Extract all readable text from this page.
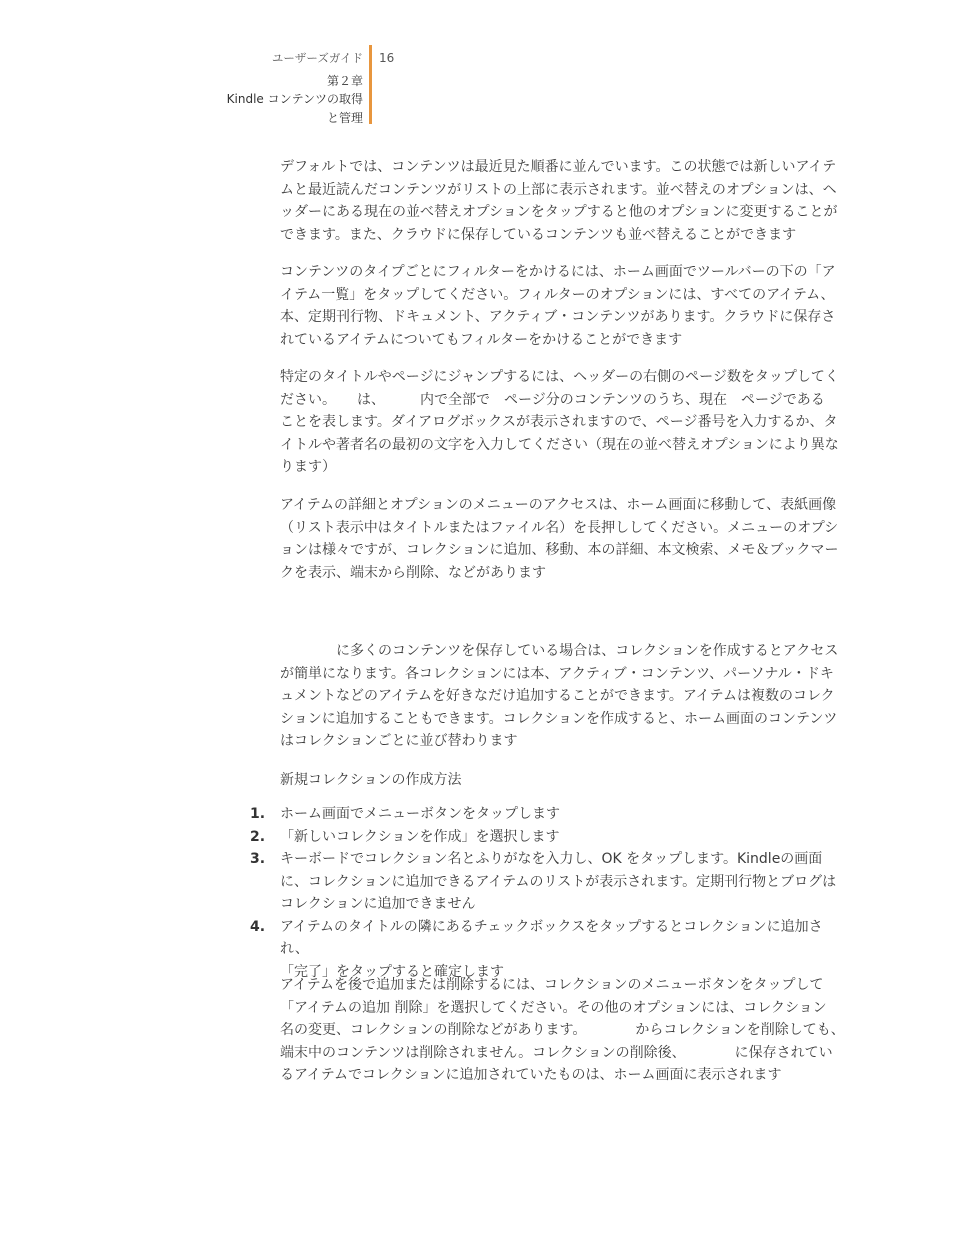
ユーザーズガイド
第２章
Kindle コンテンツの取得
と管理
16

デフォルトでは、コンテンツは最近見た順番に並んでいます。この状態では新しいアイテ
ムと最近読んだコンテンツがリストの上部に表示されます。並べ替えのオプションは、ヘ
ッダーにある現在の並べ替えオプションをタップすると他のオプションに変更することが
できます。また、クラウドに保存しているコンテンツも並べ替えることができます

コンテンツのタイプごとにフィルターをかけるには、ホーム画面でツールバーの下の「ア
イテム一覧」をタップしてください。フィルターのオプションには、すべてのアイテム、
本、定期刊行物、ドキュメント、アクティブ・コンテンツがあります。クラウドに保存さ
れているアイテムについてもフィルターをかけることができます

特定のタイトルやページにジャンプするには、ヘッダーの右側のページ数をタップしてく
ださい。　　は、　　　内で全部で　ページ分のコンテンツのうち、現在　ページである
ことを表します。ダイアログボックスが表示されますので、ページ番号を入力するか、タ
イトルや著者名の最初の文字を入力してください（現在の並べ替えオプションにより異な
ります）

アイテムの詳細とオプションのメニューのアクセスは、ホーム画面に移動して、表紙画像
（リスト表示中はタイトルまたはファイル名）を長押ししてください。メニューのオプシ
ョンは様々ですが、コレクションに追加、移動、本の詳細、本文検索、メモ＆ブックマー
クを表示、端末から削除、などがあります

　　　　に多くのコンテンツを保存している場合は、コレクションを作成するとアクセス
が簡単になります。各コレクションには本、アクティブ・コンテンツ、パーソナル・ドキ
ュメントなどのアイテムを好きなだけ追加することができます。アイテムは複数のコレク
ションに追加することもできます。コレクションを作成すると、ホーム画面のコンテンツ
はコレクションごとに並び替わります

新規コレクションの作成方法

1.	ホーム画面でメニューボタンをタップします
2.	「新しいコレクションを作成」を選択します
3.	キーボードでコレクション名とふりがなを入力し、OK をタップします。Kindleの画面
に、コレクションに追加できるアイテムのリストが表示されます。定期刊行物とブログは
コレクションに追加できません
4.	アイテムのタイトルの隣にあるチェックボックスをタップするとコレクションに追加され、
「完了」をタップすると確定します

アイテムを後で追加または削除するには、コレクションのメニューボタンをタップして
「アイテムの追加 削除」を選択してください。その他のオプションには、コレクション
名の変更、コレクションの削除などがあります。　　　　からコレクションを削除しても、
端末中のコンテンツは削除されません。コレクションの削除後、　　　　に保存されてい
るアイテムでコレクションに追加されていたものは、ホーム画面に表示されます
